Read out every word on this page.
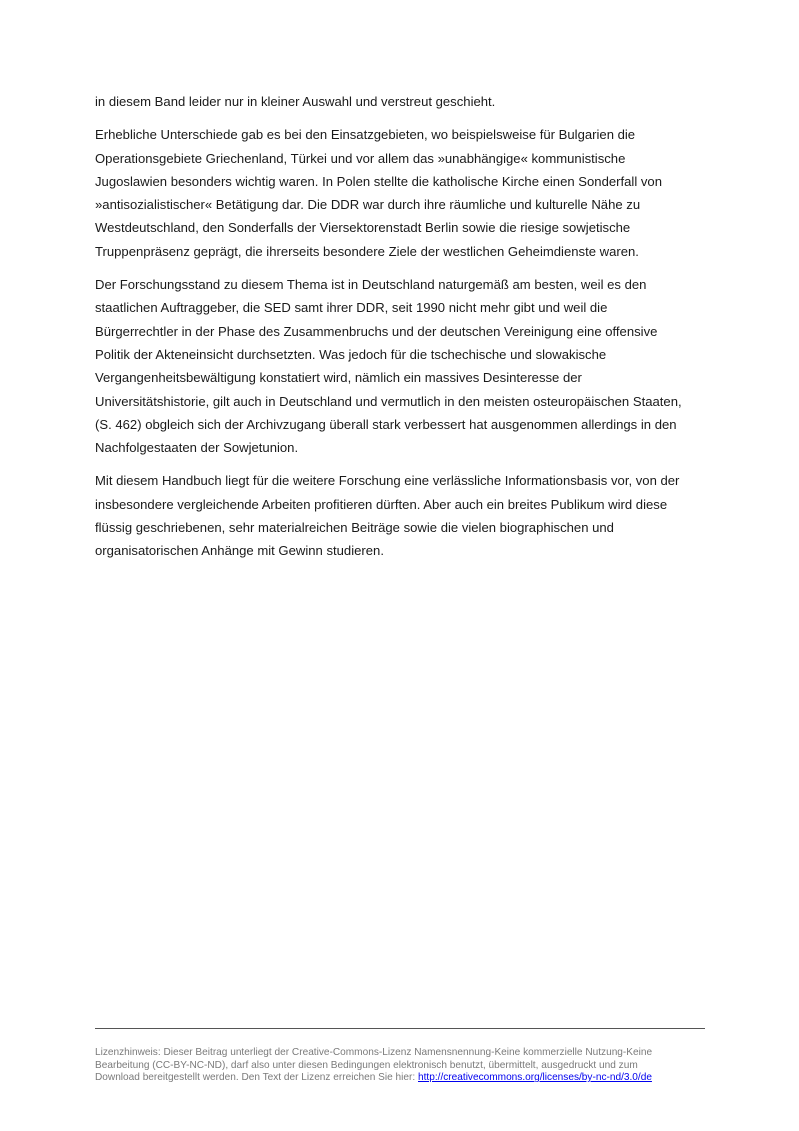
in diesem Band leider nur in kleiner Auswahl und verstreut geschieht.

Erhebliche Unterschiede gab es bei den Einsatzgebieten, wo beispielsweise für Bulgarien die
Operationsgebiete Griechenland, Türkei und vor allem das »unabhängige« kommunistische
Jugoslawien besonders wichtig waren. In Polen stellte die katholische Kirche einen Sonderfall von
»antisozialistischer« Betätigung dar. Die DDR war durch ihre räumliche und kulturelle Nähe zu
Westdeutschland, den Sonderfalls der Viersektorenstadt Berlin sowie die riesige sowjetische
Truppenpräsenz geprägt, die ihrerseits besondere Ziele der westlichen Geheimdienste waren.

Der Forschungsstand zu diesem Thema ist in Deutschland naturgemäß am besten, weil es den
staatlichen Auftraggeber, die SED samt ihrer DDR, seit 1990 nicht mehr gibt und weil die
Bürgerrechtler in der Phase des Zusammenbruchs und der deutschen Vereinigung eine offensive
Politik der Akteneinsicht durchsetzten. Was jedoch für die tschechische und slowakische
Vergangenheitsbewältigung konstatiert wird, nämlich ein massives Desinteresse der
Universitätshistorie, gilt auch in Deutschland und vermutlich in den meisten osteuropäischen Staaten,
(S. 462) obgleich sich der Archivzugang überall stark verbessert hat ausgenommen allerdings in den
Nachfolgestaaten der Sowjetunion.

Mit diesem Handbuch liegt für die weitere Forschung eine verlässliche Informationsbasis vor, von der
insbesondere vergleichende Arbeiten profitieren dürften. Aber auch ein breites Publikum wird diese
flüssig geschriebenen, sehr materialreichen Beiträge sowie die vielen biographischen und
organisatorischen Anhänge mit Gewinn studieren.

Lizenzhinweis: Dieser Beitrag unterliegt der Creative-Commons-Lizenz Namensnennung-Keine kommerzielle Nutzung-Keine
Bearbeitung (CC-BY-NC-ND), darf also unter diesen Bedingungen elektronisch benutzt, übermittelt, ausgedruckt und zum
Download bereitgestellt werden. Den Text der Lizenz erreichen Sie hier: http://creativecommons.org/licenses/by-nc-nd/3.0/de
